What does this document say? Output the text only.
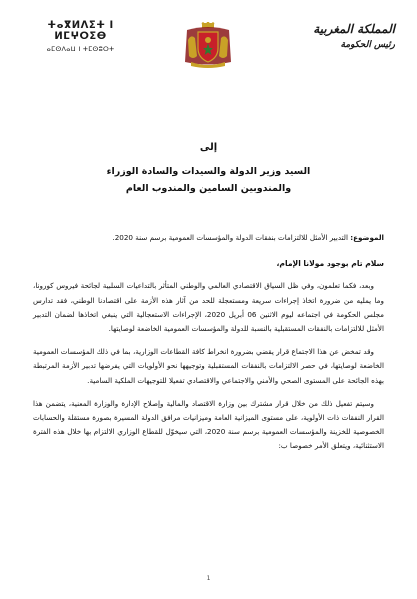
ⵜⴰⴳⵍⴷⵉⵜ ⵏ ⵍⵎⵖⵔⵉⴱ
ⴰⵎⵙⴷⴰⵡ ⵏ ⵜⵎⵙⵓⵔⵜ
المملكة المغربية
رئيس الحكومة
إلى
السيد وزير الدولة والسيدات والسادة الوزراء
والمندوبين السامين والمندوب العام

الموضوع: التدبير الأمثل للالتزامات بنفقات الدولة والمؤسسات العمومية برسم سنة 2020.

سلام تام بوجود مولانا الإمام،

وبعد، فكما تعلمون، وفي ظل السياق الاقتصادي العالمي والوطني المتأثر بالتداعيات السلبية لجائحة فيروس كورونا، وما يمليه من ضرورة اتخاذ إجراءات سريعة ومستعجلة للحد من آثار هذه الأزمة على اقتصادنا الوطني، فقد تدارس مجلس الحكومة في اجتماعه ليوم الاثنين 06 أبريل 2020، الإجراءات الاستعجالية التي ينبغي اتخاذها لضمان التدبير الأمثل للالتزامات بالنفقات المستقبلية بالنسبة للدولة والمؤسسات العمومية الخاضعة لوصايتها.

وقد تمخض عن هذا الاجتماع قرار يقضي بضرورة انخراط كافة القطاعات الوزارية، بما في ذلك المؤسسات العمومية الخاضعة لوصايتها، في حصر الالتزامات بالنفقات المستقبلية وتوجيهها نحو الأولويات التي يفرضها تدبير الأزمة المرتبطة بهذه الجائحة على المستوى الصحي والأمني والاجتماعي والاقتصادي تفعيلا للتوجيهات الملكية السامية.

وسيتم تفعيل ذلك من خلال قرار مشترك بين وزارة الاقتصاد والمالية وإصلاح الإدارة والوزارة المعنية، يتضمن هذا القرار النفقات ذات الأولوية، على مستوى الميزانية العامة وميزانيات مرافق الدولة المسيرة بصورة مستقلة والحسابات الخصوصية للخزينة والمؤسسات العمومية برسم سنة 2020، التي سيخوّل للقطاع الوزاري الالتزام بها خلال هذه الفترة الاستثنائية، ويتعلق الأمر خصوصا ب:

1
